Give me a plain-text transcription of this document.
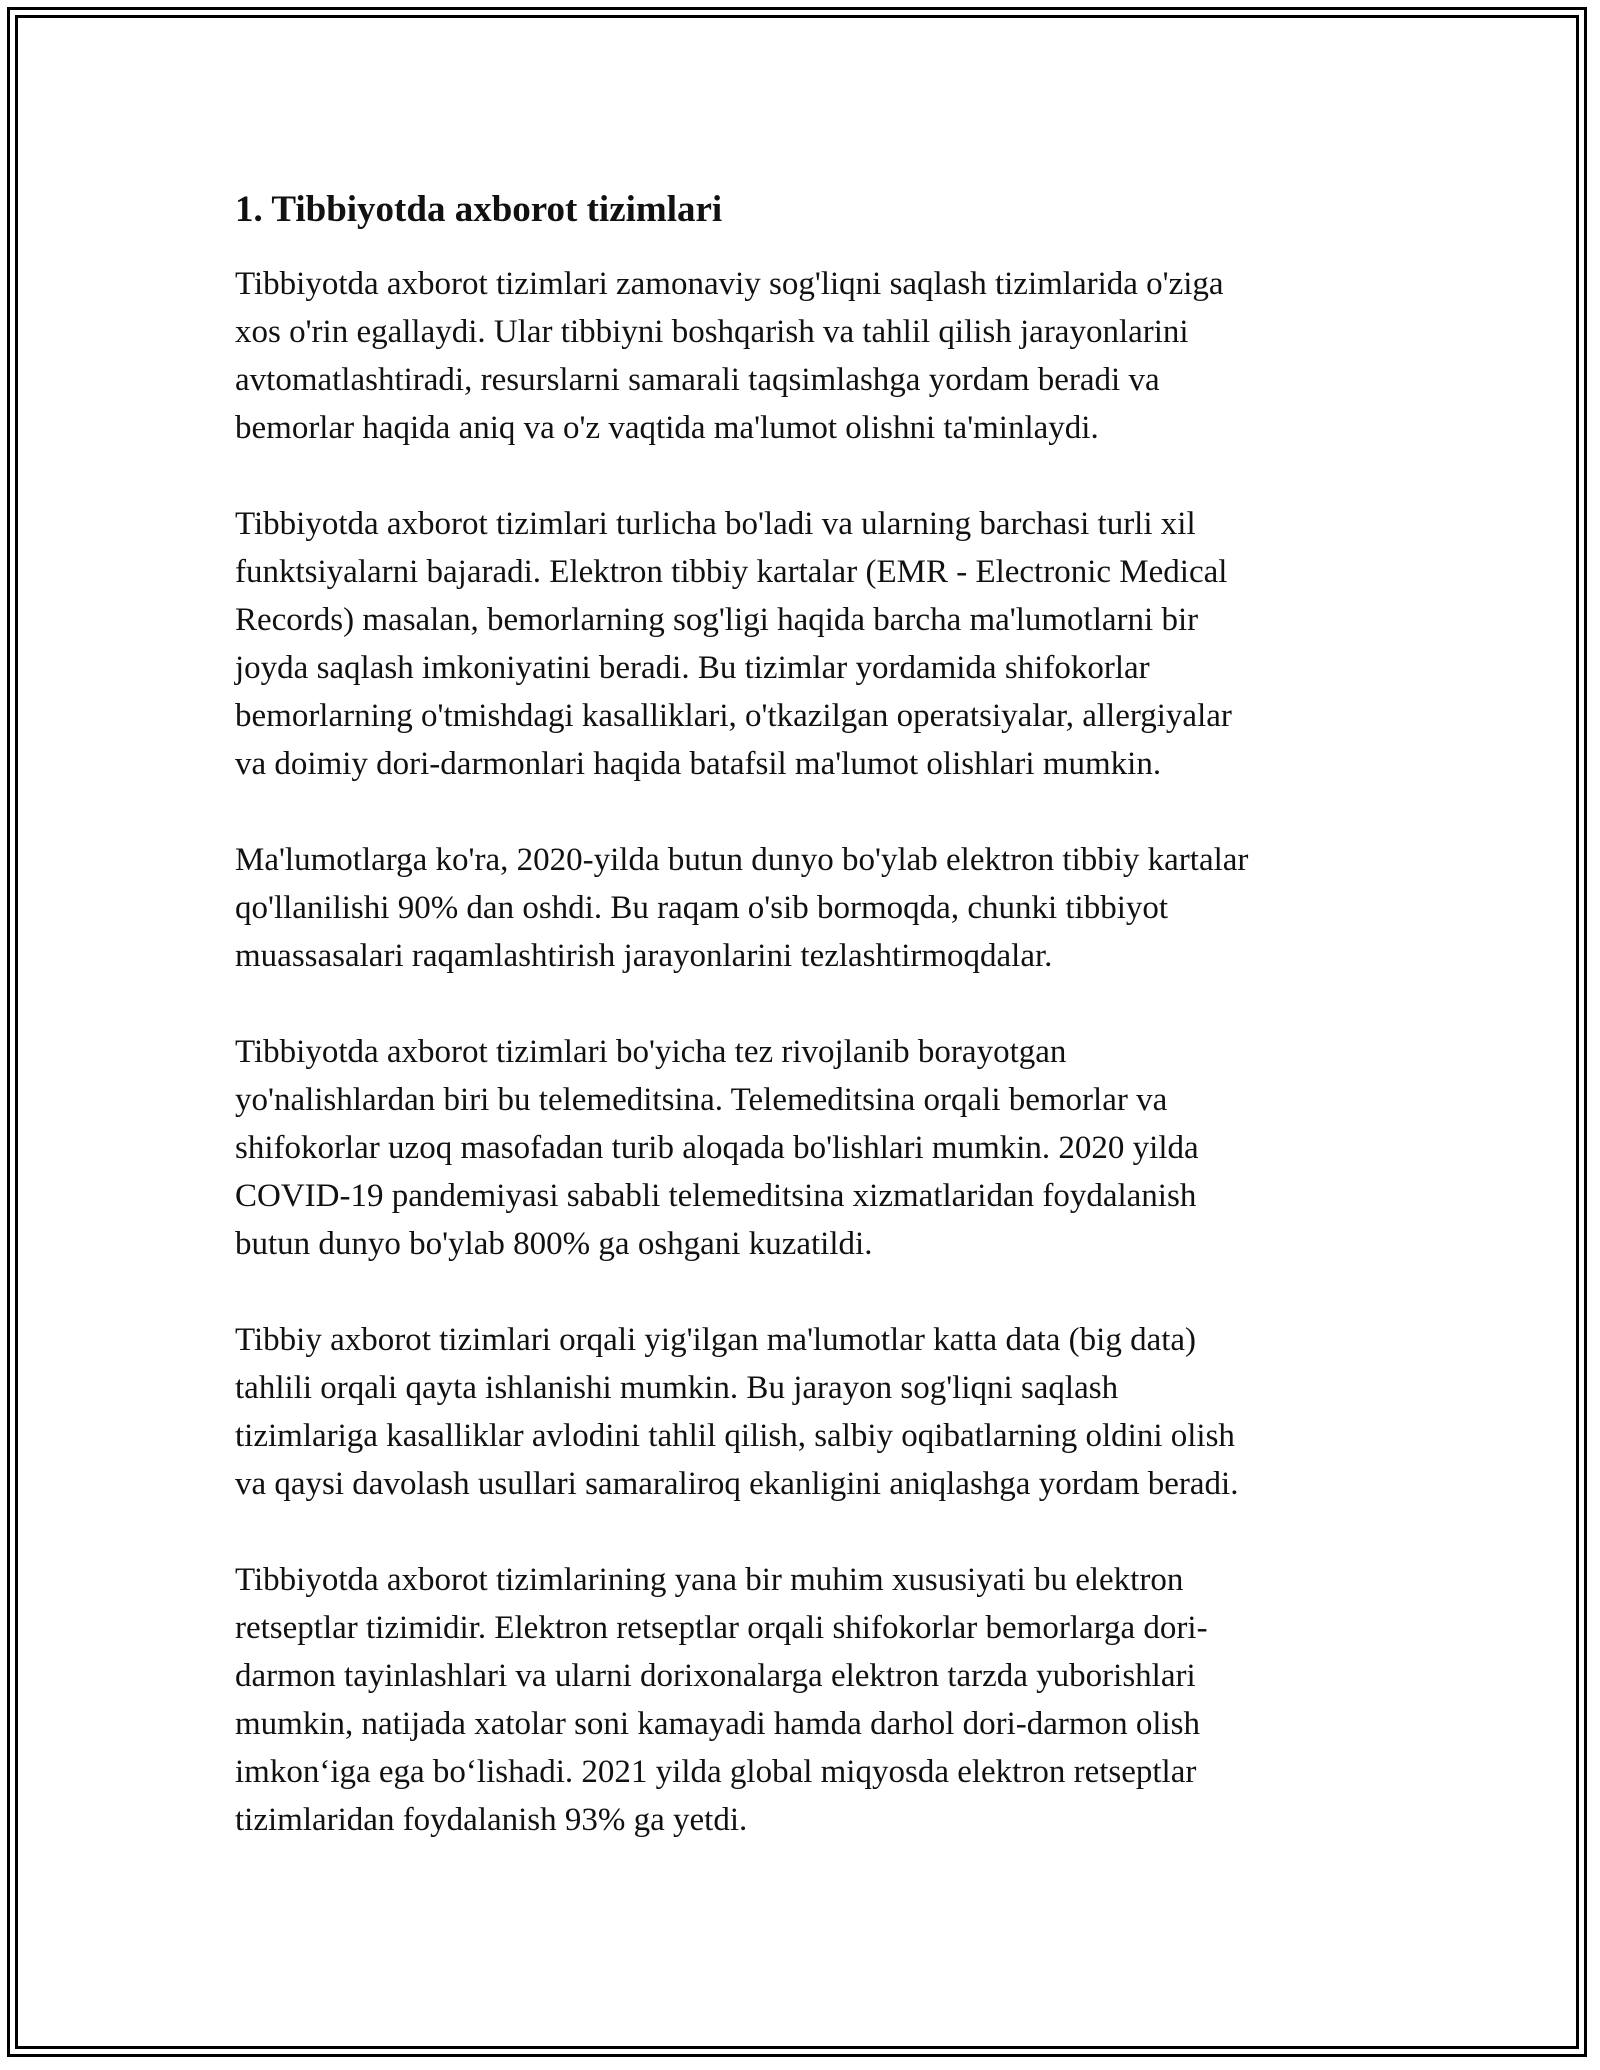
1. Tibbiyotda axborot tizimlari

Tibbiyotda axborot tizimlari zamonaviy sog'liqni saqlash tizimlarida o'ziga
xos o'rin egallaydi. Ular tibbiyni boshqarish va tahlil qilish jarayonlarini
avtomatlashtiradi, resurslarni samarali taqsimlashga yordam beradi va
bemorlar haqida aniq va o'z vaqtida ma'lumot olishni ta'minlaydi.

Tibbiyotda axborot tizimlari turlicha bo'ladi va ularning barchasi turli xil
funktsiyalarni bajaradi. Elektron tibbiy kartalar (EMR - Electronic Medical
Records) masalan, bemorlarning sog'ligi haqida barcha ma'lumotlarni bir
joyda saqlash imkoniyatini beradi. Bu tizimlar yordamida shifokorlar
bemorlarning o'tmishdagi kasalliklari, o'tkazilgan operatsiyalar, allergiyalar
va doimiy dori-darmonlari haqida batafsil ma'lumot olishlari mumkin.

Ma'lumotlarga ko'ra, 2020-yilda butun dunyo bo'ylab elektron tibbiy kartalar
qo'llanilishi 90% dan oshdi. Bu raqam o'sib bormoqda, chunki tibbiyot
muassasalari raqamlashtirish jarayonlarini tezlashtirmoqdalar.

Tibbiyotda axborot tizimlari bo'yicha tez rivojlanib borayotgan
yo'nalishlardan biri bu telemeditsina. Telemeditsina orqali bemorlar va
shifokorlar uzoq masofadan turib aloqada bo'lishlari mumkin. 2020 yilda
COVID-19 pandemiyasi sababli telemeditsina xizmatlaridan foydalanish
butun dunyo bo'ylab 800% ga oshgani kuzatildi.

Tibbiy axborot tizimlari orqali yig'ilgan ma'lumotlar katta data (big data)
tahlili orqali qayta ishlanishi mumkin. Bu jarayon sog'liqni saqlash
tizimlariga kasalliklar avlodini tahlil qilish, salbiy oqibatlarning oldini olish
va qaysi davolash usullari samaraliroq ekanligini aniqlashga yordam beradi.

Tibbiyotda axborot tizimlarining yana bir muhim xususiyati bu elektron
retseptlar tizimidir. Elektron retseptlar orqali shifokorlar bemorlarga dori-
darmon tayinlashlari va ularni dorixonalarga elektron tarzda yuborishlari
mumkin, natijada xatolar soni kamayadi hamda darhol dori-darmon olish
imkon‘iga ega bo‘lishadi. 2021 yilda global miqyosda elektron retseptlar
tizimlaridan foydalanish 93% ga yetdi.
